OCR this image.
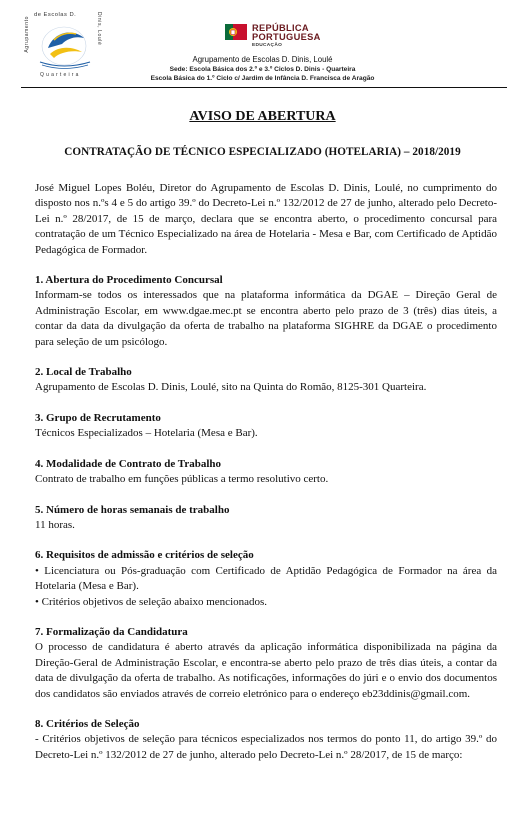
de Escolas D.
Agrupamento	Dinis, Loulé
Quarteira
REPÚBLICA
PORTUGUESA
EDUCAÇÃO
Agrupamento de Escolas D. Dinis, Loulé
Sede: Escola Básica dos 2.º e 3.º Ciclos D. Dinis - Quarteira
Escola Básica do 1.º Ciclo c/ Jardim de Infância D. Francisca de Aragão
AVISO DE ABERTURA
CONTRATAÇÃO DE TÉCNICO ESPECIALIZADO (HOTELARIA) – 2018/2019

José Miguel Lopes Boléu, Diretor do Agrupamento de Escolas D. Dinis, Loulé, no cumprimento do disposto nos n.ºs 4 e 5 do artigo 39.º do Decreto-Lei n.º 132/2012 de 27 de junho, alterado pelo Decreto-Lei n.º 28/2017, de 15 de março, declara que se encontra aberto, o procedimento concursal para contratação de um Técnico Especializado na área de Hotelaria - Mesa e Bar, com Certificado de Aptidão Pedagógica de Formador.

1. Abertura do Procedimento Concursal

Informam-se todos os interessados que na plataforma informática da DGAE – Direção Geral de Administração Escolar, em www.dgae.mec.pt se encontra aberto pelo prazo de 3 (três) dias úteis, a contar da data da divulgação da oferta de trabalho na plataforma SIGHRE da DGAE o procedimento para seleção de um psicólogo.

2. Local de Trabalho

Agrupamento de Escolas D. Dinis, Loulé, sito na Quinta do Romão, 8125-301 Quarteira.

3. Grupo de Recrutamento

Técnicos Especializados – Hotelaria (Mesa e Bar).

4. Modalidade de Contrato de Trabalho

Contrato de trabalho em funções públicas a termo resolutivo certo.

5. Número de horas semanais de trabalho

11 horas.

6. Requisitos de admissão e critérios de seleção

• Licenciatura ou Pós-graduação com Certificado de Aptidão Pedagógica de Formador na área da Hotelaria (Mesa e Bar).

• Critérios objetivos de seleção abaixo mencionados.

7. Formalização da Candidatura

O processo de candidatura é aberto através da aplicação informática disponibilizada na página da Direção-Geral de Administração Escolar, e encontra-se aberto pelo prazo de três dias úteis, a contar da data de divulgação da oferta de trabalho. As notificações, informações do júri e o envio dos documentos dos candidatos são enviados através de correio eletrónico para o endereço eb23ddinis@gmail.com.

8. Critérios de Seleção

- Critérios objetivos de seleção para técnicos especializados nos termos do ponto 11, do artigo 39.º do Decreto-Lei n.º 132/2012 de 27 de junho, alterado pelo Decreto-Lei n.º 28/2017, de 15 de março:
